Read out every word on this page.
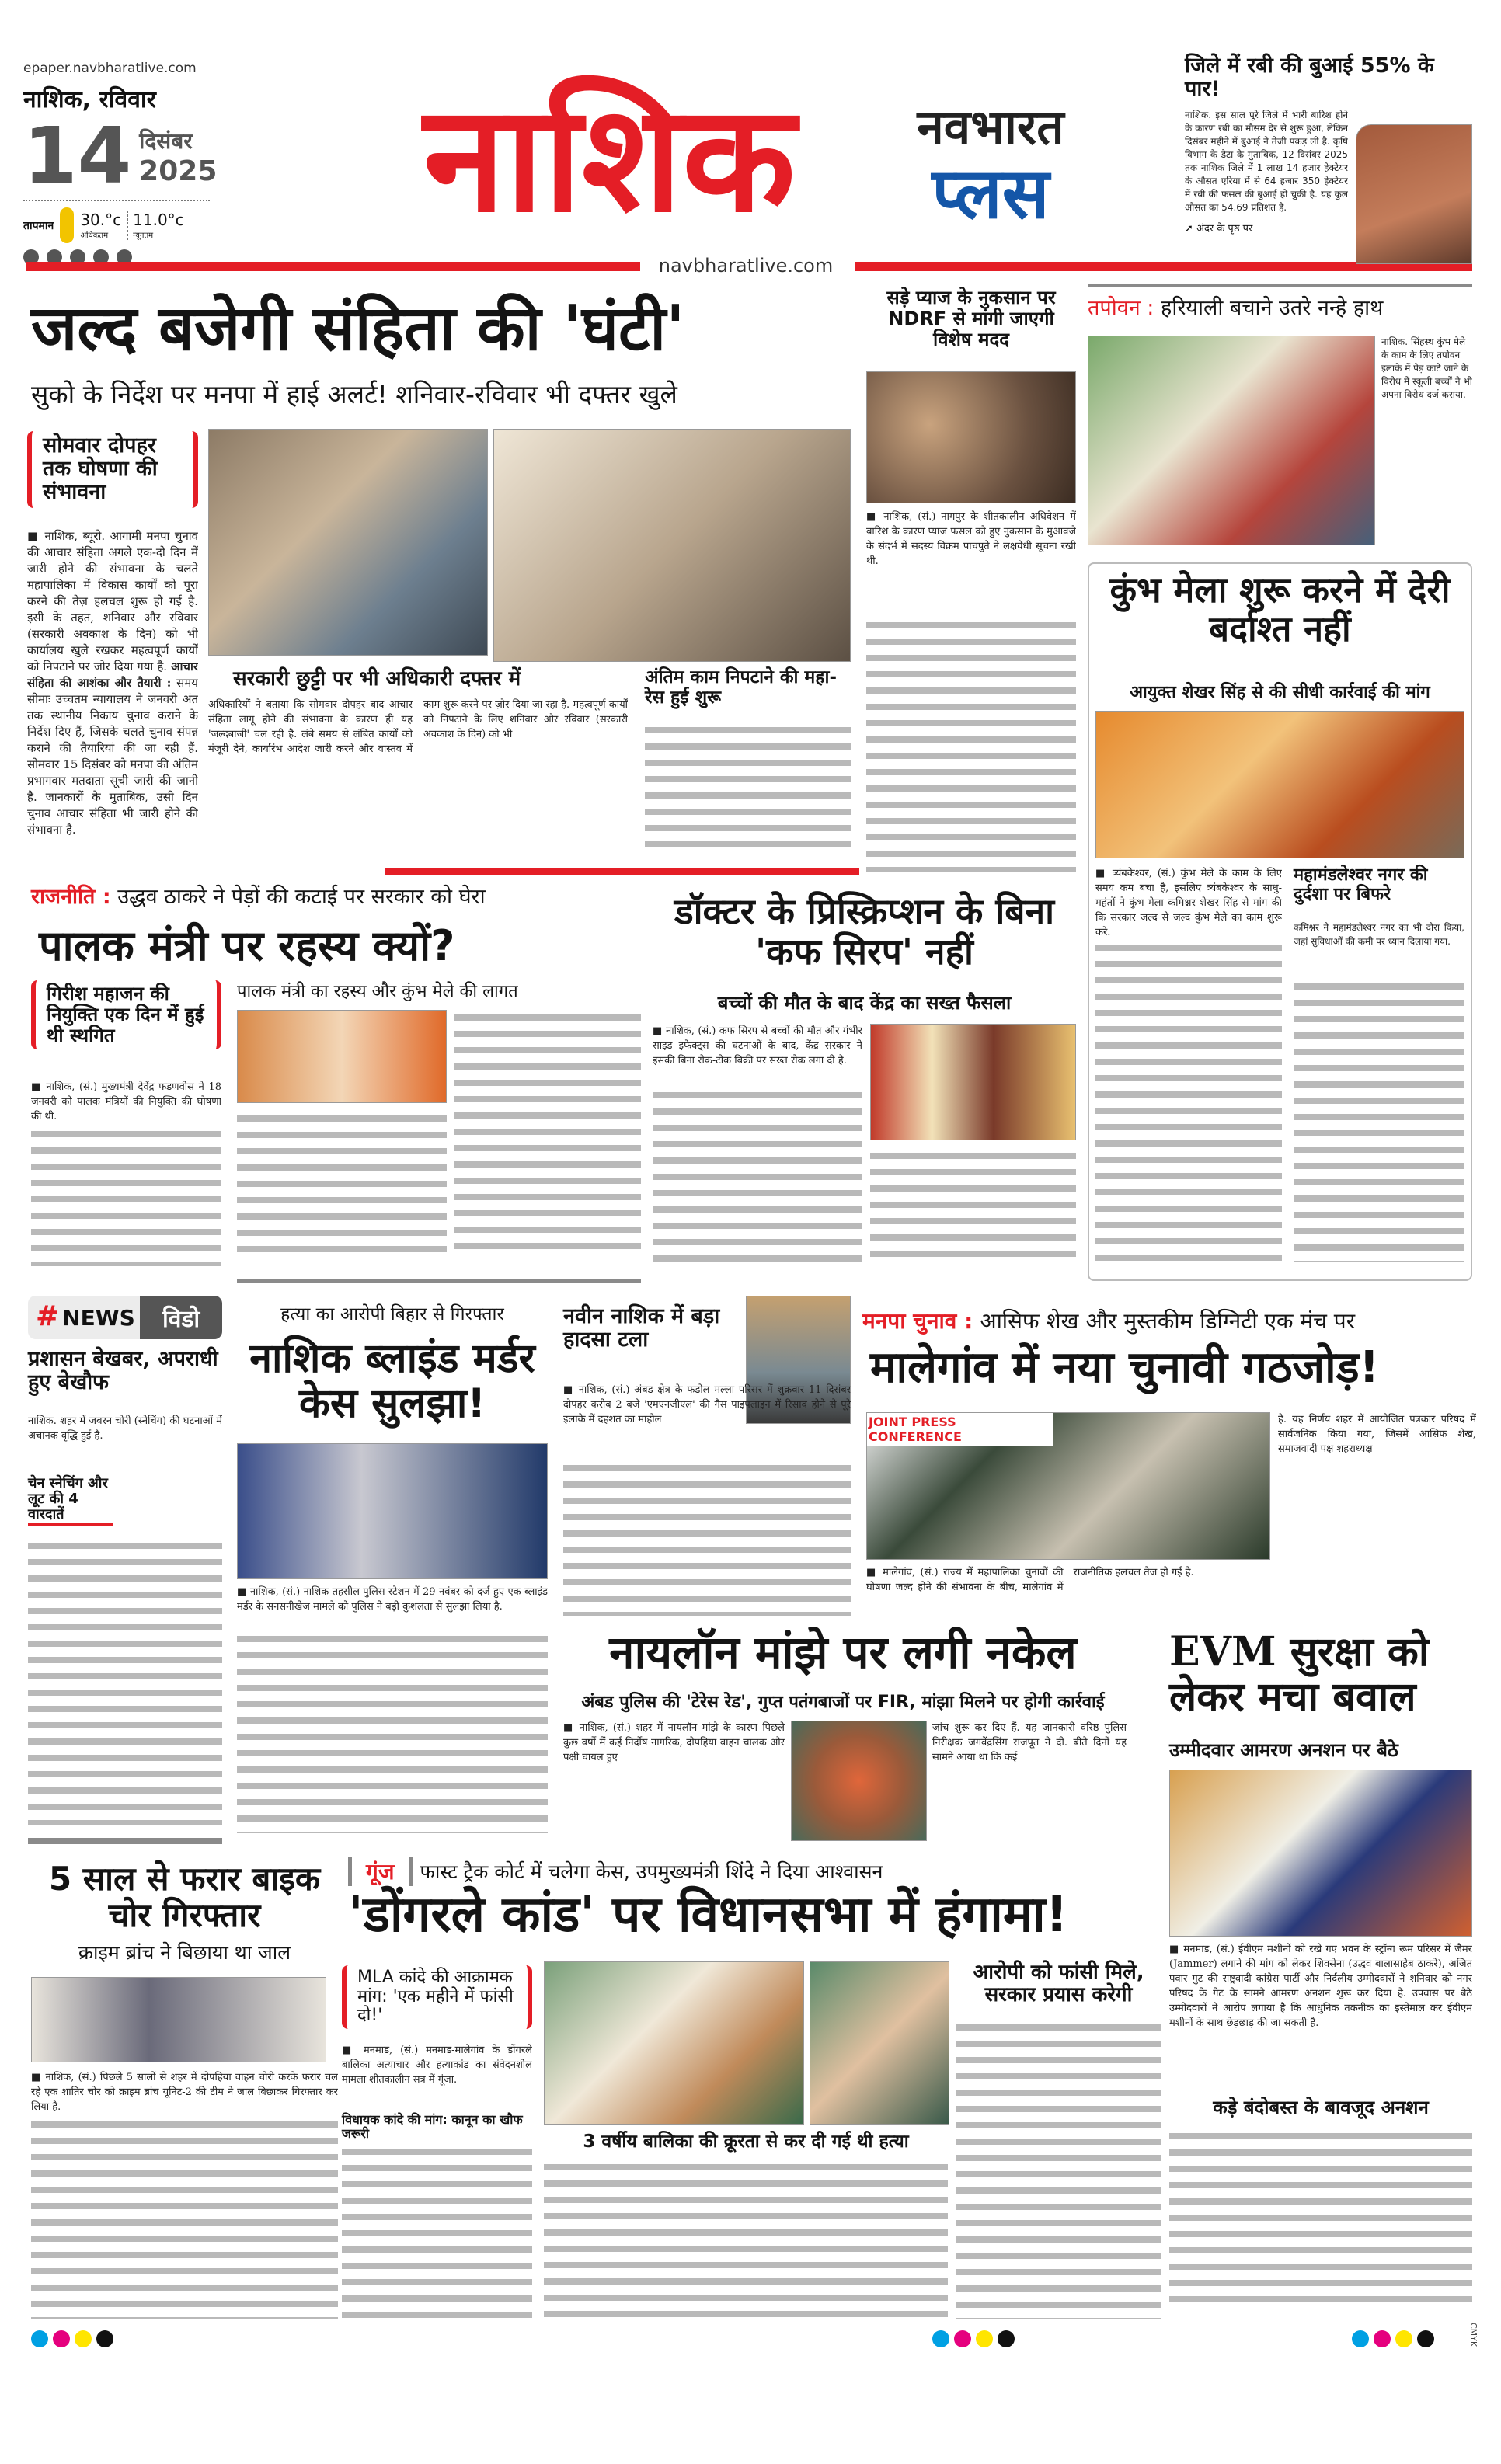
epaper.navbharatlive.com
नाशिक, रविवार
14 दिसंबर
2025
तापमान 30.°c
अधिकतम
11.0°c
न्यूनतम नाशिक	नवभारत
प्लस
navbharatlive.com
जिले में रबी की बुआई 55% के पार!
नाशिक. इस साल पूरे जिले में भारी बारिश होने के कारण रबी का मौसम देर से शुरू हुआ, लेकिन दिसंबर महीने में बुआई ने तेजी पकड़ ली है. कृषि विभाग के डेटा के मुताबिक, 12 दिसंबर 2025 तक नाशिक जिले में 1 लाख 14 हजार हेक्टेयर के औसत एरिया में से 64 हजार 350 हेक्टेयर में रबी की फसल की बुआई हो चुकी है. यह कुल औसत का 54.69 प्रतिशत है.
➚ अंदर के पृष्ठ पर
जल्द बजेगी संहिता की 'घंटी'
सुको के निर्देश पर मनपा में हाई अलर्ट! शनिवार-रविवार भी दफ्तर खुले
सोमवार दोपहर तक घोषणा की संभावना
■ नाशिक, ब्यूरो. आगामी मनपा चुनाव की आचार संहिता अगले एक-दो दिन में जारी होने की संभावना के चलते महापालिका में विकास कार्यों को पूरा करने की तेज़ हलचल शुरू हो गई है. इसी के तहत, शनिवार और रविवार (सरकारी अवकाश के दिन) को भी कार्यालय खुले रखकर महत्वपूर्ण कार्यों को निपटाने पर जोर दिया गया है. आचार संहिता की आशंका और तैयारी : समय सीमाः उच्चतम न्यायालय ने जनवरी अंत तक स्थानीय निकाय चुनाव कराने के निर्देश दिए हैं, जिसके चलते चुनाव संपन्न कराने की तैयारियां की जा रही हैं. सोमवार 15 दिसंबर को मनपा की अंतिम प्रभागवार मतदाता सूची जारी की जानी है. जानकारों के मुताबिक, उसी दिन चुनाव आचार संहिता भी जारी होने की संभावना है.
सरकारी छुट्टी पर भी अधिकारी दफ्तर में
अधिकारियों ने बताया कि सोमवार दोपहर बाद आचार संहिता लागू होने की संभावना के कारण ही यह 'जल्दबाजी' चल रही है. लंबे समय से लंबित कार्यों को मंजूरी देने, कार्यारंभ आदेश जारी करने और वास्तव में काम शुरू करने पर ज़ोर दिया जा रहा है. महत्वपूर्ण कार्यों को निपटाने के लिए शनिवार और रविवार (सरकारी अवकाश के दिन) को भी
अंतिम काम निपटाने की महा-रेस हुई शुरू
सड़े प्याज के नुकसान पर NDRF से मांगी जाएगी विशेष मदद
■ नाशिक, (सं.) नागपुर के शीतकालीन अधिवेशन में बारिश के कारण प्याज फसल को हुए नुकसान के मुआवजे के संदर्भ में सदस्य विक्रम पाचपुते ने लक्षवेधी सूचना रखी थी.
तपोवन : हरियाली बचाने उतरे नन्हे हाथ
नाशिक. सिंहस्थ कुंभ मेले के काम के लिए तपोवन इलाके में पेड़ काटे जाने के विरोध में स्कूली बच्चों ने भी अपना विरोध दर्ज कराया.
कुंभ मेला शुरू करने में देरी बर्दाश्त नहीं
आयुक्त शेखर सिंह से की सीधी कार्रवाई की मांग
■ त्र्यंबकेश्वर, (सं.) कुंभ मेले के काम के लिए समय कम बचा है, इसलिए त्र्यंबकेश्वर के साधु-महंतों ने कुंभ मेला कमिश्नर शेखर सिंह से मांग की कि सरकार जल्द से जल्द कुंभ मेले का काम शुरू करे.
महामंडलेश्वर नगर की दुर्दशा पर बिफरे
कमिश्नर ने महामंडलेश्वर नगर का भी दौरा किया, जहां सुविधाओं की कमी पर ध्यान दिलाया गया.
राजनीति : उद्धव ठाकरे ने पेड़ों की कटाई पर सरकार को घेरा
पालक मंत्री पर रहस्य क्यों?
गिरीश महाजन की नियुक्ति एक दिन में हुई थी स्थगित
■ नाशिक, (सं.) मुख्यमंत्री देवेंद्र फडणवीस ने 18 जनवरी को पालक मंत्रियों की नियुक्ति की घोषणा की थी.
पालक मंत्री का रहस्य और कुंभ मेले की लागत
डॉक्टर के प्रिस्क्रिप्शन के बिना 'कफ सिरप' नहीं
बच्चों की मौत के बाद केंद्र का सख्त फैसला
■ नाशिक, (सं.) कफ सिरप से बच्चों की मौत और गंभीर साइड इफेक्ट्स की घटनाओं के बाद, केंद्र सरकार ने इसकी बिना रोक-टोक बिक्री पर सख्त रोक लगा दी है.
# NEWS	विडो
प्रशासन बेखबर, अपराधी हुए बेखौफ
नाशिक. शहर में जबरन चोरी (स्नेचिंग) की घटनाओं में अचानक वृद्धि हुई है.
चेन स्नेचिंग और लूट की 4 वारदातें
हत्या का आरोपी बिहार से गिरफ्तार
नाशिक ब्लाइंड मर्डर केस सुलझा!
■ नाशिक, (सं.) नाशिक तहसील पुलिस स्टेशन में 29 नवंबर को दर्ज हुए एक ब्लाइंड मर्डर के सनसनीखेज मामले को पुलिस ने बड़ी कुशलता से सुलझा लिया है.
नवीन नाशिक में बड़ा हादसा टला
■ नाशिक, (सं.) अंबड क्षेत्र के फडोल मल्ला परिसर में शुक्रवार 11 दिसंबर दोपहर करीब 2 बजे 'एमएनजीएल' की गैस पाइपलाइन में रिसाव होने से पूरे इलाके में दहशत का माहौल
मनपा चुनाव : आसिफ शेख और मुस्तकीम डिग्निटी एक मंच पर
मालेगांव में नया चुनावी गठजोड़!
JOINT PRESS CONFERENCE
है. यह निर्णय शहर में आयोजित पत्रकार परिषद में सार्वजनिक किया गया, जिसमें आसिफ शेख, समाजवादी पक्ष शहराध्यक्ष
■ मालेगांव, (सं.) राज्य में महापालिका चुनावों की घोषणा जल्द होने की संभावना के बीच, मालेगांव में राजनीतिक हलचल तेज हो गई है.
नायलॉन मांझे पर लगी नकेल
अंबड पुलिस की 'टेरेस रेड', गुप्त पतंगबाजों पर FIR, मांझा मिलने पर होगी कार्रवाई
■ नाशिक, (सं.) शहर में नायलॉन मांझे के कारण पिछले कुछ वर्षों में कई निर्दोष नागरिक, दोपहिया वाहन चालक और पक्षी घायल हुए
जांच शुरू कर दिए हैं. यह जानकारी वरिष्ठ पुलिस निरीक्षक जगवेंद्रसिंग राजपूत ने दी. बीते दिनों यह सामने आया था कि कई
EVM सुरक्षा को लेकर मचा बवाल
उम्मीदवार आमरण अनशन पर बैठे
■ मनमाड, (सं.) ईवीएम मशीनों को रखे गए भवन के स्ट्रॉन्ग रूम परिसर में जैमर (Jammer) लगाने की मांग को लेकर शिवसेना (उद्धव बालासाहेब ठाकरे), अजित पवार गुट की राष्ट्रवादी कांग्रेस पार्टी और निर्दलीय उम्मीदवारों ने शनिवार को नगर परिषद के गेट के सामने आमरण अनशन शुरू कर दिया है. उपवास पर बैठे उम्मीदवारों ने आरोप लगाया है कि आधुनिक तकनीक का इस्तेमाल कर ईवीएम मशीनों के साथ छेड़छाड़ की जा सकती है.
कड़े बंदोबस्त के बावजूद अनशन
5 साल से फरार बाइक चोर गिरफ्तार
क्राइम ब्रांच ने बिछाया था जाल
■ नाशिक, (सं.) पिछले 5 सालों से शहर में दोपहिया वाहन चोरी करके फरार चल रहे एक शातिर चोर को क्राइम ब्रांच यूनिट-2 की टीम ने जाल बिछाकर गिरफ्तार कर लिया है.
गूंज	फास्ट ट्रैक कोर्ट में चलेगा केस, उपमुख्यमंत्री शिंदे ने दिया आश्वासन
'डोंगरले कांड' पर विधानसभा में हंगामा!
MLA कांदे की आक्रामक मांग: 'एक महीने में फांसी दो!'
■ मनमाड, (सं.) मनमाड-मालेगांव के डोंगरले बालिका अत्याचार और हत्याकांड का संवेदनशील मामला शीतकालीन सत्र में गूंजा.
विधायक कांदे की मांग: कानून का खौफ जरूरी	3 वर्षीय बालिका की क्रूरता से कर दी गई थी हत्या
आरोपी को फांसी मिले, सरकार प्रयास करेगी
CMYK
